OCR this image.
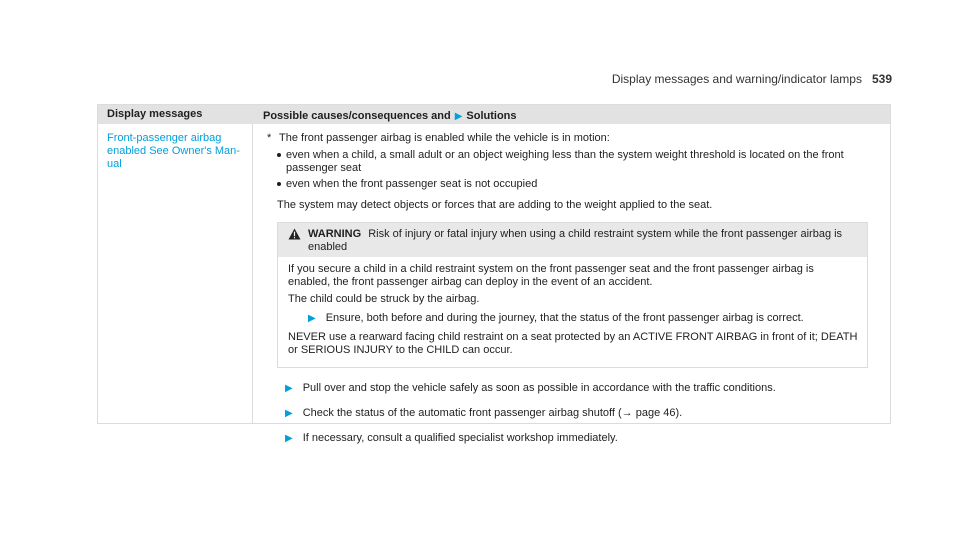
Display messages and warning/indicator lamps 539
Display messages	Possible causes/consequences and ▶ Solutions
Front-passenger airbag enabled See Owner's Man-ual
* The front passenger airbag is enabled while the vehicle is in motion:
even when a child, a small adult or an object weighing less than the system weight threshold is located on the front passenger seat
even when the front passenger seat is not occupied
The system may detect objects or forces that are adding to the weight applied to the seat.
WARNING Risk of injury or fatal injury when using a child restraint system while the front passenger airbag is enabled

If you secure a child in a child restraint system on the front passenger seat and the front passenger airbag is enabled, the front passenger airbag can deploy in the event of an accident.

The child could be struck by the airbag.

▶ Ensure, both before and during the journey, that the status of the front passenger airbag is correct.

NEVER use a rearward facing child restraint on a seat protected by an ACTIVE FRONT AIRBAG in front of it; DEATH or SERIOUS INJURY to the CHILD can occur.

▶ Pull over and stop the vehicle safely as soon as possible in accordance with the traffic conditions.
▶ Check the status of the automatic front passenger airbag shutoff (→ page 46).
▶ If necessary, consult a qualified specialist workshop immediately.
